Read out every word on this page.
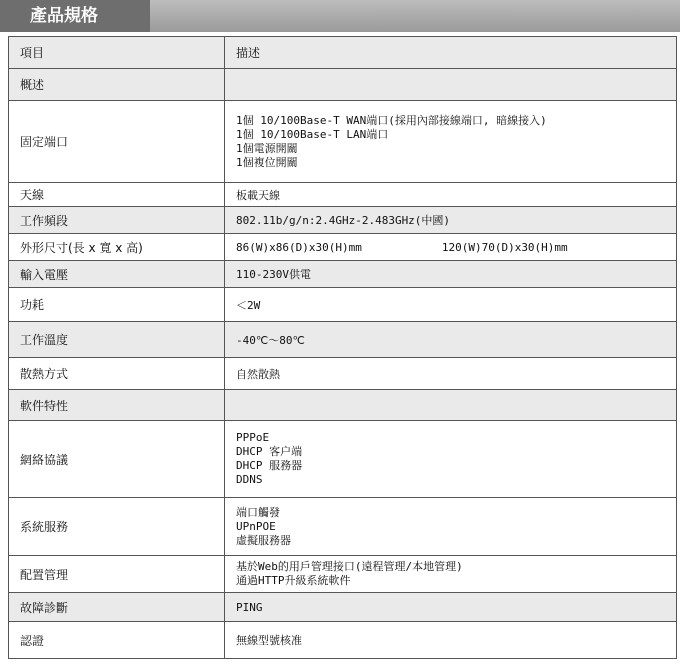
產品規格
項目	描述
概述	
固定端口	1個 10/100Base-T WAN端口(採用內部接線端口, 暗線接入)
1個 10/100Base-T LAN端口
1個電源開關
1個複位開關

天線	板載天線
工作頻段	802.11b/g/n:2.4GHz-2.483GHz(中國)
外形尺寸(長 x 寬 x 高)	86(W)x86(D)x30(H)mm 120(W)70(D)x30(H)mm
輸入電壓	110-230V供電
功耗	＜2W
工作溫度	-40℃～80℃
散熱方式	自然散熱
軟件特性	
網絡協議	PPPoE
DHCP 客户端
DHCP 服務器
DDNS

系統服務	端口觸發
UPnPOE
虛擬服務器

配置管理	基於Web的用戶管理接口(遠程管理/本地管理)
通過HTTP升級系統軟件

故障診斷	PING
認證	無線型號核准
